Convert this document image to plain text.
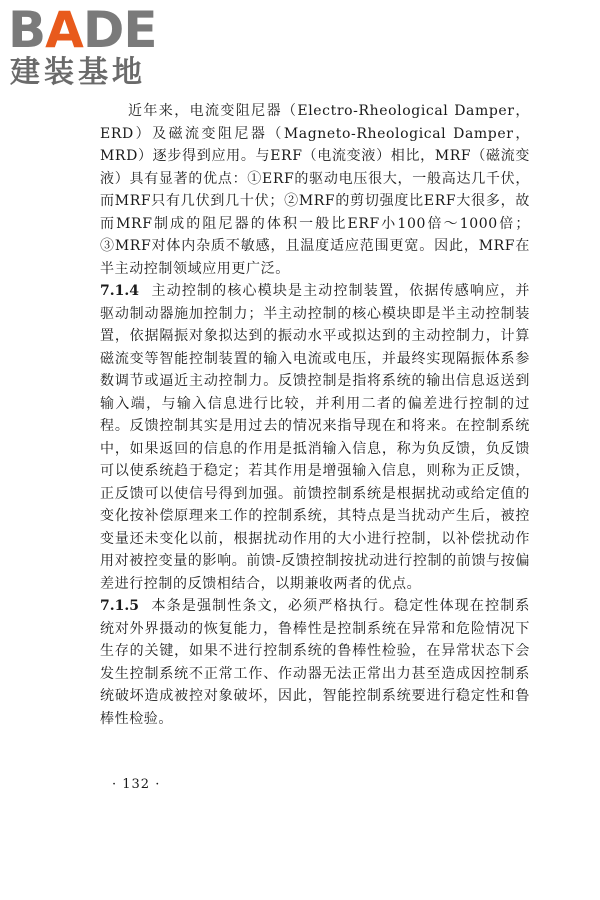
BADE
建装基地

近年来，电流变阻尼器（Electro-Rheological Damper，ERD）及磁流变阻尼器（Magneto-Rheological Damper，MRD）逐步得到应用。与ERF（电流变液）相比，MRF（磁流变液）具有显著的优点：①ERF的驱动电压很大，一般高达几千伏，而MRF只有几伏到几十伏；②MRF的剪切强度比ERF大很多，故而MRF制成的阻尼器的体积一般比ERF小100倍～1000倍；③MRF对体内杂质不敏感，且温度适应范围更宽。因此，MRF在半主动控制领域应用更广泛。

7.1.4 主动控制的核心模块是主动控制装置，依据传感响应，并驱动制动器施加控制力；半主动控制的核心模块即是半主动控制装置，依据隔振对象拟达到的振动水平或拟达到的主动控制力，计算磁流变等智能控制装置的输入电流或电压，并最终实现隔振体系参数调节或逼近主动控制力。反馈控制是指将系统的输出信息返送到输入端，与输入信息进行比较，并利用二者的偏差进行控制的过程。反馈控制其实是用过去的情况来指导现在和将来。在控制系统中，如果返回的信息的作用是抵消输入信息，称为负反馈，负反馈可以使系统趋于稳定；若其作用是增强输入信息，则称为正反馈，正反馈可以使信号得到加强。前馈控制系统是根据扰动或给定值的变化按补偿原理来工作的控制系统，其特点是当扰动产生后，被控变量还未变化以前，根据扰动作用的大小进行控制，以补偿扰动作用对被控变量的影响。前馈-反馈控制按扰动进行控制的前馈与按偏差进行控制的反馈相结合，以期兼收两者的优点。

7.1.5 本条是强制性条文，必须严格执行。稳定性体现在控制系统对外界摄动的恢复能力，鲁棒性是控制系统在异常和危险情况下生存的关键，如果不进行控制系统的鲁棒性检验，在异常状态下会发生控制系统不正常工作、作动器无法正常出力甚至造成因控制系统破坏造成被控对象破坏，因此，智能控制系统要进行稳定性和鲁棒性检验。

· 132 ·
